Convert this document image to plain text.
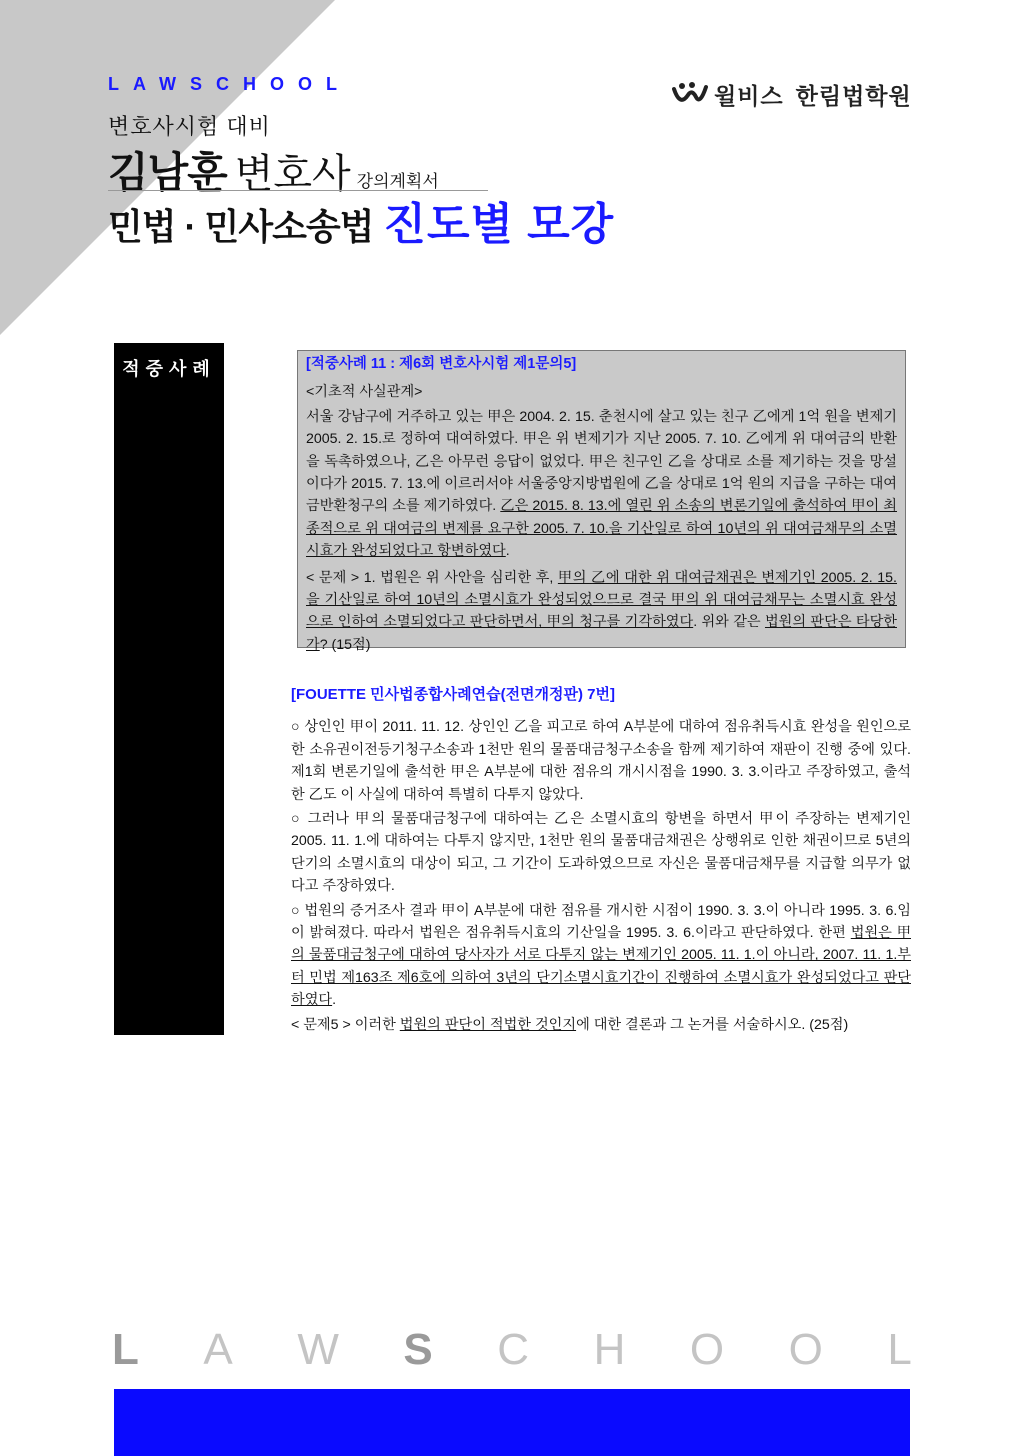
LAWSCHOOL
변호사시험 대비
김남훈 변호사 강의계획서
민법 · 민사소송법 진도별 모강
윌비스 한림법학원
적중사례	[적중사례 11 : 제6회 변호사시험 제1문의5]
<기초적 사실관계>

서울 강남구에 거주하고 있는 甲은 2004. 2. 15. 춘천시에 살고 있는 친구 乙에게 1억 원을 변제기 2005. 2. 15.로 정하여 대여하였다. 甲은 위 변제기가 지난 2005. 7. 10. 乙에게 위 대여금의 반환을 독촉하였으나, 乙은 아무런 응답이 없었다. 甲은 친구인 乙을 상대로 소를 제기하는 것을 망설이다가 2015. 7. 13.에 이르러서야 서울중앙지방법원에 乙을 상대로 1억 원의 지급을 구하는 대여금반환청구의 소를 제기하였다. 乙은 2015. 8. 13.에 열린 위 소송의 변론기일에 출석하여 甲이 최종적으로 위 대여금의 변제를 요구한 2005. 7. 10.을 기산일로 하여 10년의 위 대여금채무의 소멸시효가 완성되었다고 항변하였다.

< 문제 > 1. 법원은 위 사안을 심리한 후, 甲의 乙에 대한 위 대여금채권은 변제기인 2005. 2. 15.을 기산일로 하여 10년의 소멸시효가 완성되었으므로 결국 甲의 위 대여금채무는 소멸시효 완성으로 인하여 소멸되었다고 판단하면서, 甲의 청구를 기각하였다. 위와 같은 법원의 판단은 타당한가? (15점)

[FOUETTE 민사법종합사례연습(전면개정판) 7번]

○ 상인인 甲이 2011. 11. 12. 상인인 乙을 피고로 하여 A부분에 대하여 점유취득시효 완성을 원인으로 한 소유권이전등기청구소송과 1천만 원의 물품대금청구소송을 함께 제기하여 재판이 진행 중에 있다. 제1회 변론기일에 출석한 甲은 A부분에 대한 점유의 개시시점을 1990. 3. 3.이라고 주장하였고, 출석한 乙도 이 사실에 대하여 특별히 다투지 않았다.

○ 그러나 甲의 물품대금청구에 대하여는 乙은 소멸시효의 항변을 하면서 甲이 주장하는 변제기인 2005. 11. 1.에 대하여는 다투지 않지만, 1천만 원의 물품대금채권은 상행위로 인한 채권이므로 5년의 단기의 소멸시효의 대상이 되고, 그 기간이 도과하였으므로 자신은 물품대금채무를 지급할 의무가 없다고 주장하였다.

○ 법원의 증거조사 결과 甲이 A부분에 대한 점유를 개시한 시점이 1990. 3. 3.이 아니라 1995. 3. 6.임이 밝혀졌다. 따라서 법원은 점유취득시효의 기산일을 1995. 3. 6.이라고 판단하였다. 한편 법원은 甲의 물품대금청구에 대하여 당사자가 서로 다투지 않는 변제기인 2005. 11. 1.이 아니라, 2007. 11. 1.부터 민법 제163조 제6호에 의하여 3년의 단기소멸시효기간이 진행하여 소멸시효가 완성되었다고 판단하였다.

< 문제5 > 이러한 법원의 판단이 적법한 것인지에 대한 결론과 그 논거를 서술하시오. (25점)

L A W S C H O O L
